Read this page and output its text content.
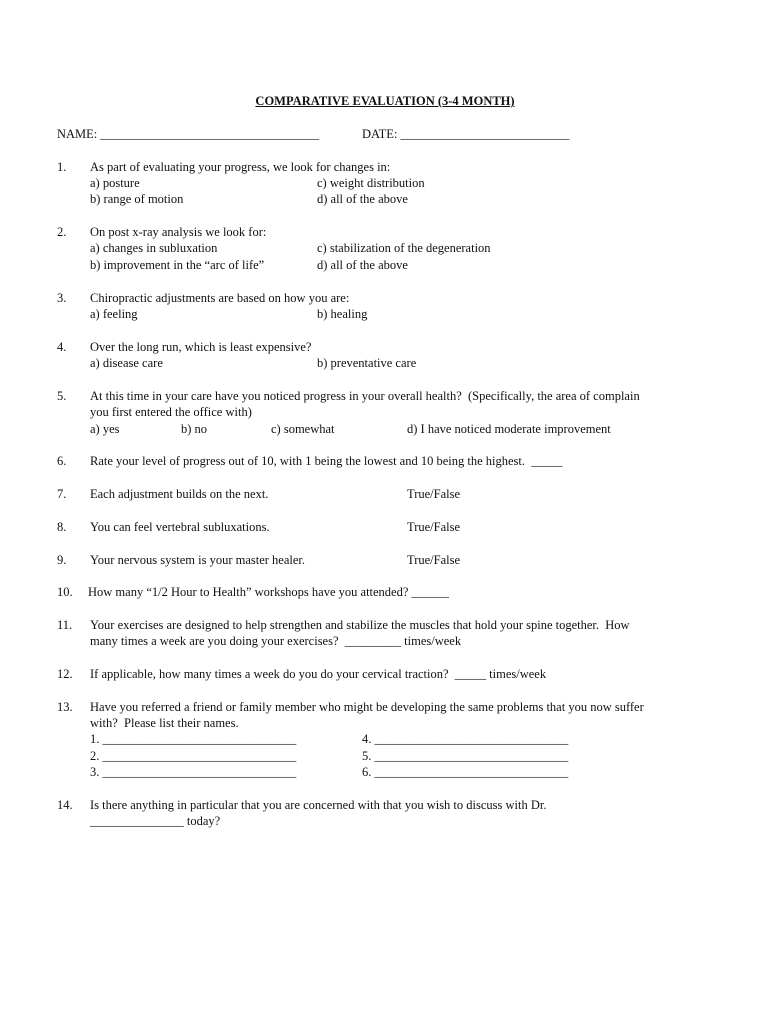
COMPARATIVE EVALUATION (3-4 MONTH)
NAME: ___________________________________	DATE: ___________________________
1. As part of evaluating your progress, we look for changes in:
a) posture	c) weight distribution
b) range of motion	d) all of the above
2. On post x-ray analysis we look for:
a) changes in subluxation	c) stabilization of the degeneration
b) improvement in the “arc of life”	d) all of the above
3. Chiropractic adjustments are based on how you are:
a) feeling	b) healing
4. Over the long run, which is least expensive?
a) disease care	b) preventative care
5. At this time in your care have you noticed progress in your overall health?  (Specifically, the area of complain
you first entered the office with)
a) yes	b) no	c) somewhat	d) I have noticed moderate improvement
6. Rate your level of progress out of 10, with 1 being the lowest and 10 being the highest.  _____
7. Each adjustment builds on the next.	True/False
8. You can feel vertebral subluxations.	True/False
9. Your nervous system is your master healer.	True/False
10. How many “1/2 Hour to Health” workshops have you attended? ______
11. Your exercises are designed to help strengthen and stabilize the muscles that hold your spine together.  How
many times a week are you doing your exercises?  _________ times/week
12. If applicable, how many times a week do you do your cervical traction?  _____ times/week
13. Have you referred a friend or family member who might be developing the same problems that you now suffer
with?  Please list their names.
1. _______________________________	4. _______________________________
2. _______________________________	5. _______________________________
3. _______________________________	6. _______________________________
14. Is there anything in particular that you are concerned with that you wish to discuss with Dr.
_______________ today?
